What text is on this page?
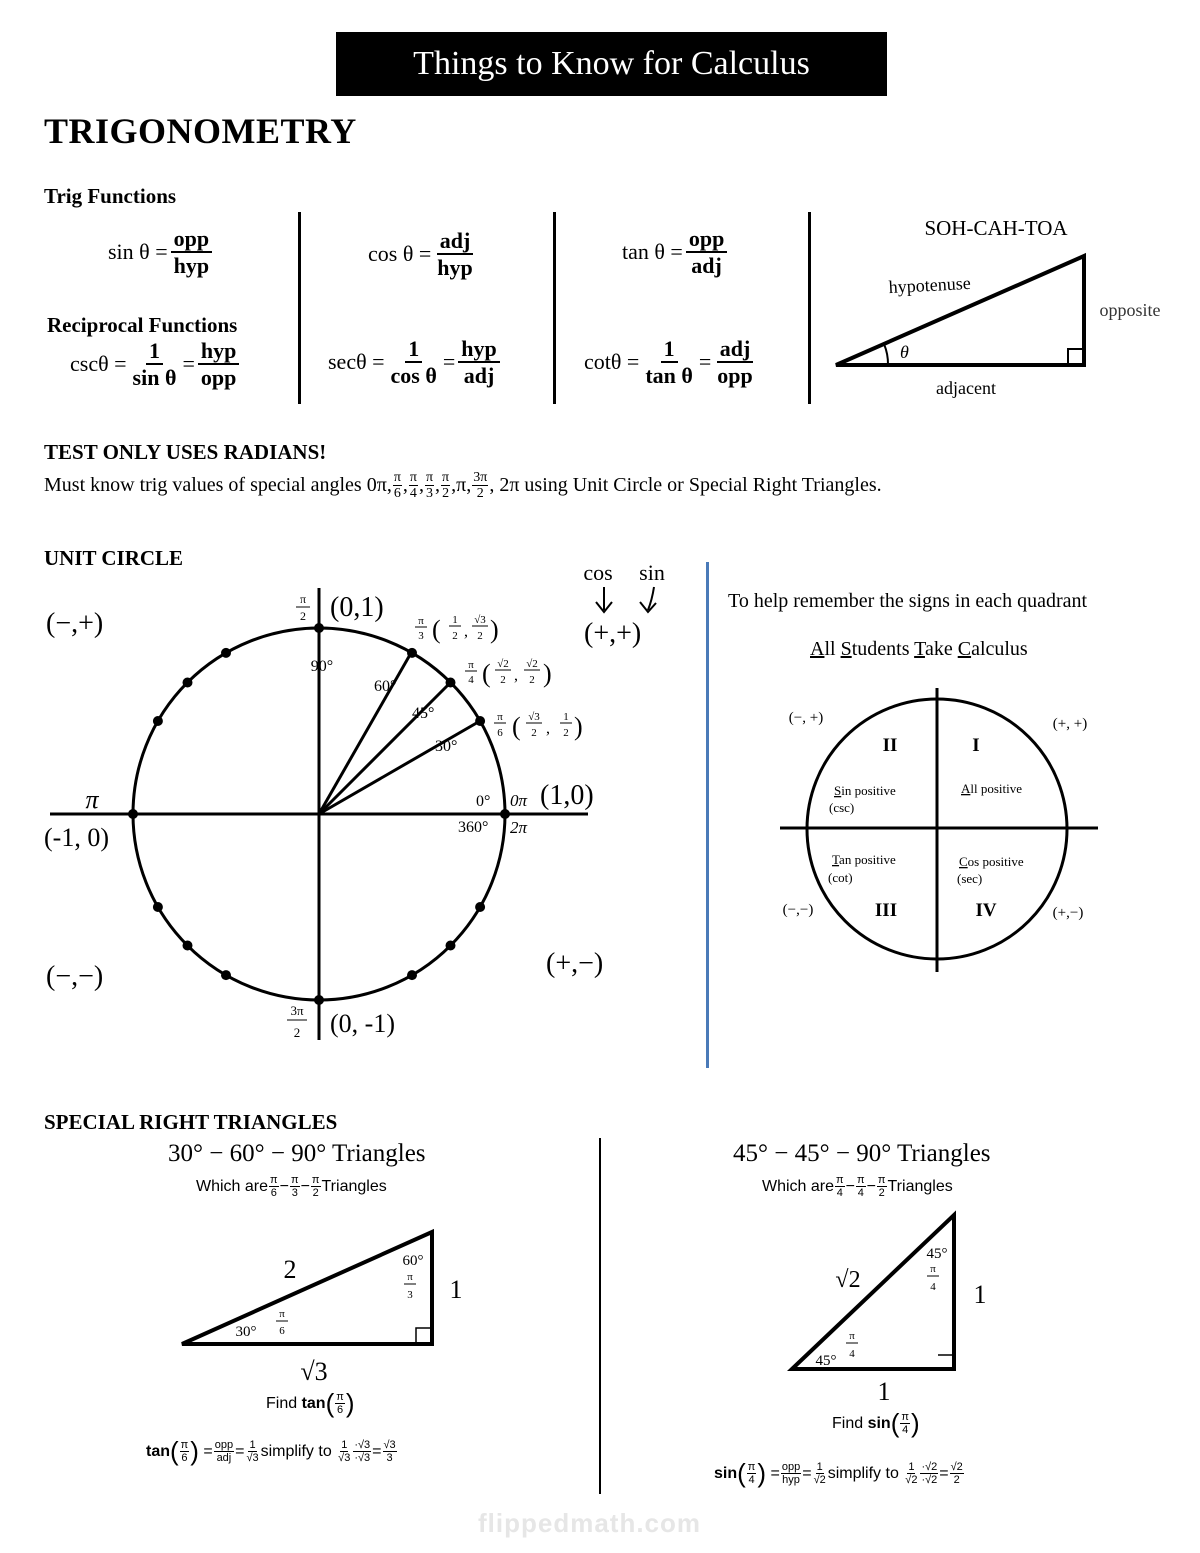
Things to Know for Calculus
TRIGONOMETRY
Trig Functions
$\sin \theta = \frac{\text{opp}}{\text{hyp}}$	$\cos \theta = \frac{\text{adj}}{\text{hyp}}$	$\tan \theta = \frac{\text{opp}}{\text{adj}}$
Reciprocal Functions
$\csc\theta = \frac{1}{\text{sin θ}} = \frac{\text{hyp}}{\text{opp}}$	$\sec\theta = \frac{1}{\text{cos θ}} = \frac{\text{hyp}}{\text{adj}}$	$\cot\theta = \frac{1}{\text{tan θ}} = \frac{\text{adj}}{\text{opp}}$
SOH-CAH-TOA
hypotenuse
opposite
adjacent
θ
TEST ONLY USES RADIANS!
Must know trig values of special angles 0π, $\frac{\pi}{6}$ , $\frac{\pi}{4}$ , $\frac{\pi}{3}$ , $\frac{\pi}{2}$ , π , $\frac{3\pi}{2}$ , 2π using Unit Circle or Special Right Triangles.
UNIT CIRCLE
(−,+)	(+,+)
(−,−)	(+,−)
cos sin
(0,1)
π
2
90°
(1,0)
0π
2π
0°
360°
π
(-1, 0)
(0, -1)
3π
2
60°
45°
30°
π
3 ( 1
2 ,
√3
2 )
π
4 ( √2
2 ,
√2
2 )
π
6 ( √3
2 ,
1
2 )
To help remember the signs in each quadrant
All Students Take Calculus
(−, +)	(+, +)
(−,−)	(+,−)
II	I
III	IV
Sin positive
(csc)
All positive
Tan positive
(cot)
Cos positive
(sec)
SPECIAL RIGHT TRIANGLES
30° − 60° − 90° Triangles
Which are $\frac{\pi}{6} - \frac{\pi}{3} - \frac{\pi}{2}$ Triangles
2
1
√3
60°
π
3
30°
π
6
Find
tan ( $\frac{\pi}{6}$ )
tan ( $\frac{\pi}{6}$ ) = $\frac{\text{opp}}{\text{adj}} = \frac{1}{√3}$ simplify to
$\frac{1}{√3} \frac{\cdot√3}{\cdot√3} = \frac{√3}{3}$
45° − 45° − 90° Triangles
Which are $\frac{\pi}{4} - \frac{\pi}{4} - \frac{\pi}{2}$ Triangles
√2	1
1
45°
π
4
45°
π
4
Find
sin ( $\frac{\pi}{4}$ )
sin ( $\frac{\pi}{4}$ ) = $\frac{\text{opp}}{\text{hyp}} = \frac{1}{√2}$ simplify to
$\frac{1}{√2} \frac{\cdot√2}{\cdot√2} = \frac{√2}{2}$
flippedmath.com
